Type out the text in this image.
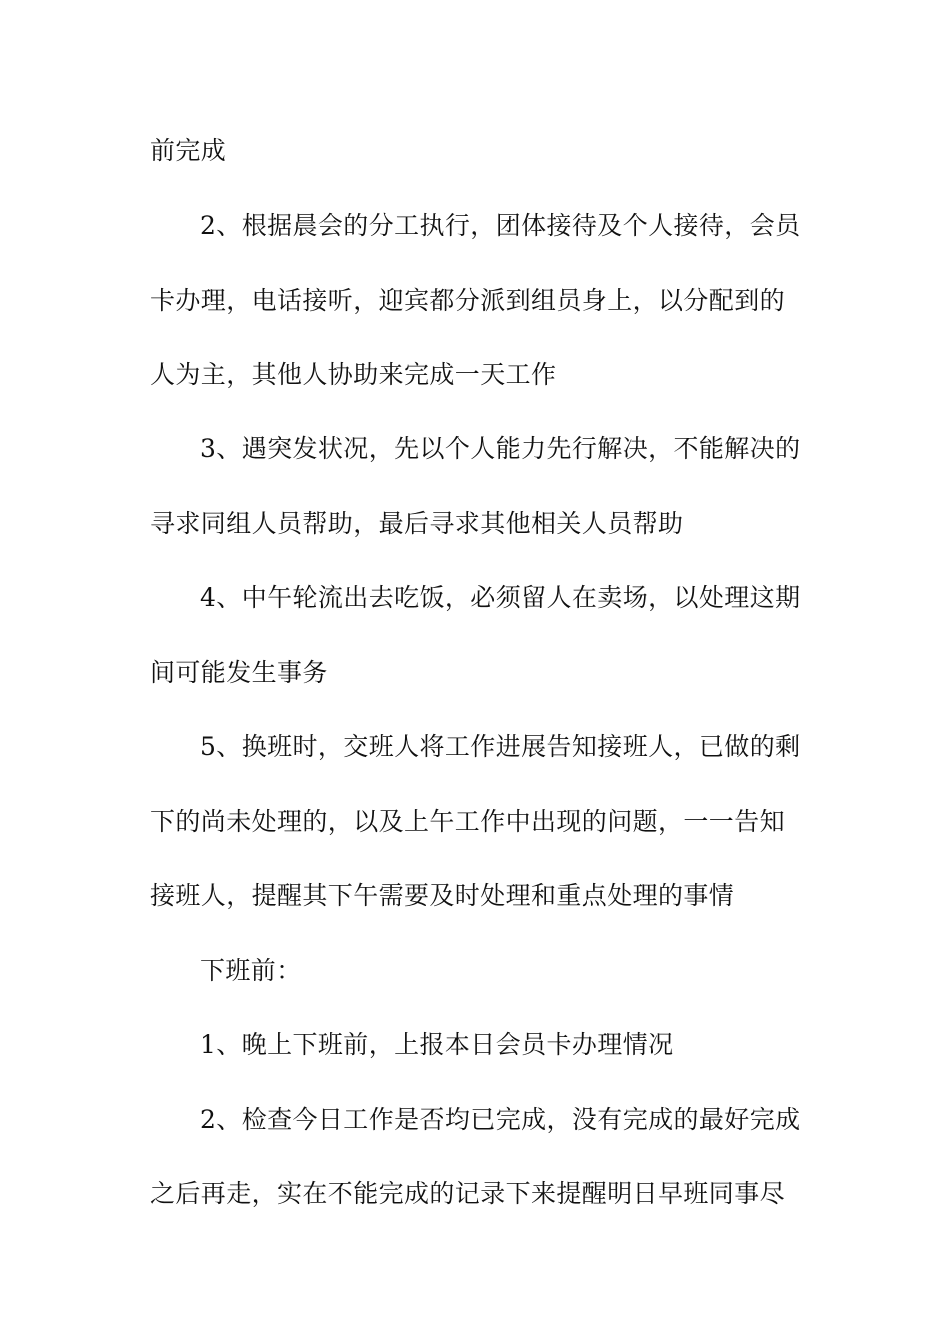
前完成
2、根据晨会的分工执行，团体接待及个人接待，会员
卡办理，电话接听，迎宾都分派到组员身上，以分配到的
人为主，其他人协助来完成一天工作
3、遇突发状况，先以个人能力先行解决，不能解决的
寻求同组人员帮助，最后寻求其他相关人员帮助
4、中午轮流出去吃饭，必须留人在卖场，以处理这期
间可能发生事务
5、换班时，交班人将工作进展告知接班人，已做的剩
下的尚未处理的，以及上午工作中出现的问题，一一告知
接班人，提醒其下午需要及时处理和重点处理的事情
下班前：
1、晚上下班前，上报本日会员卡办理情况
2、检查今日工作是否均已完成，没有完成的最好完成
之后再走，实在不能完成的记录下来提醒明日早班同事尽
